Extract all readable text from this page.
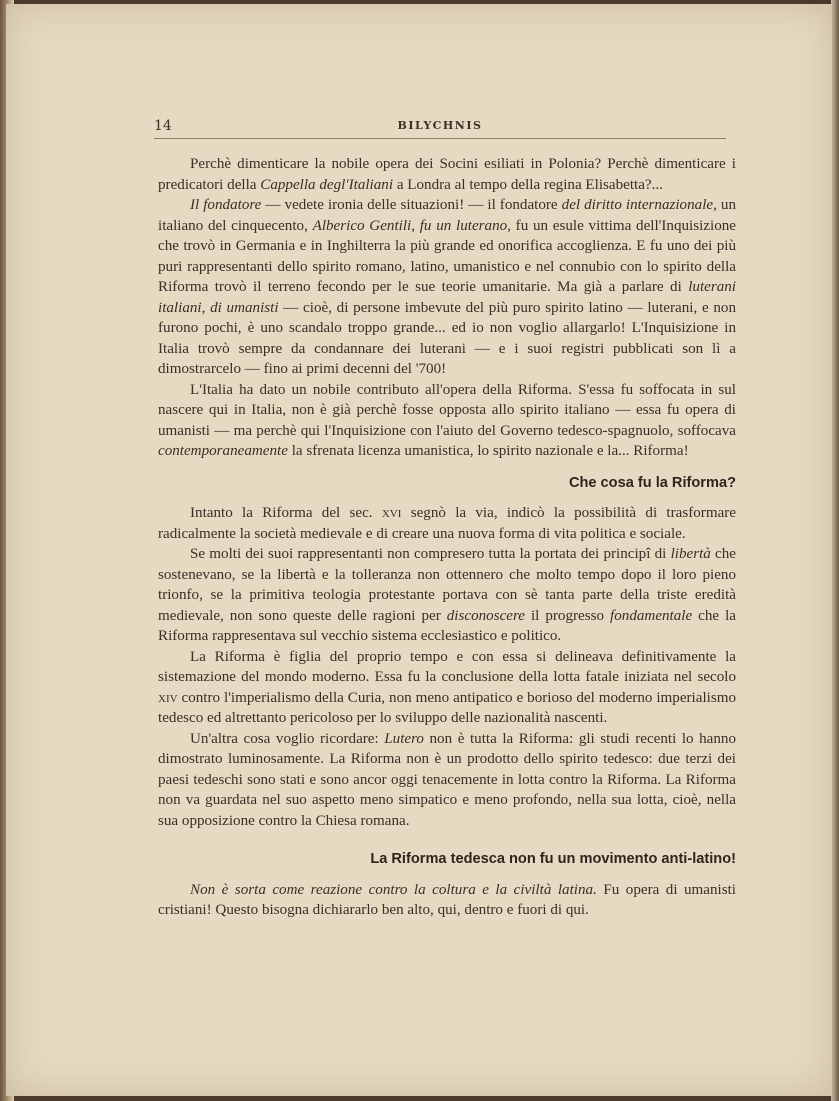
14	BILYCHNIS

Perchè dimenticare la nobile opera dei Socini esiliati in Polonia? Perchè dimenticare i predicatori della Cappella degl'Italiani a Londra al tempo della regina Elisabetta?...

Il fondatore — vedete ironia delle situazioni! — il fondatore del diritto internazionale, un italiano del cinquecento, Alberico Gentili, fu un luterano, fu un esule vittima dell'Inquisizione che trovò in Germania e in Inghilterra la più grande ed onorifica accoglienza. E fu uno dei più puri rappresentanti dello spirito romano, latino, umanistico e nel connubio con lo spirito della Riforma trovò il terreno fecondo per le sue teorie umanitarie. Ma già a parlare di luterani italiani, di umanisti — cioè, di persone imbevute del più puro spirito latino — luterani, e non furono pochi, è uno scandalo troppo grande... ed io non voglio allargarlo! L'Inquisizione in Italia trovò sempre da condannare dei luterani — e i suoi registri pubblicati son lì a dimostrarcelo — fino ai primi decenni del '700!

L'Italia ha dato un nobile contributo all'opera della Riforma. S'essa fu soffocata in sul nascere qui in Italia, non è già perchè fosse opposta allo spirito italiano — essa fu opera di umanisti — ma perchè qui l'Inquisizione con l'aiuto del Governo tedesco-spagnuolo, soffocava contemporaneamente la sfrenata licenza umanistica, lo spirito nazionale e la... Riforma!

Che cosa fu la Riforma?

Intanto la Riforma del sec. xvi segnò la via, indicò la possibilità di trasformare radicalmente la società medievale e di creare una nuova forma di vita politica e sociale.

Se molti dei suoi rappresentanti non compresero tutta la portata dei principî di libertà che sostenevano, se la libertà e la tolleranza non ottennero che molto tempo dopo il loro pieno trionfo, se la primitiva teologia protestante portava con sè tanta parte della triste eredità medievale, non sono queste delle ragioni per disconoscere il progresso fondamentale che la Riforma rappresentava sul vecchio sistema ecclesiastico e politico.

La Riforma è figlia del proprio tempo e con essa si delineava definitivamente la sistemazione del mondo moderno. Essa fu la conclusione della lotta fatale iniziata nel secolo xiv contro l'imperialismo della Curia, non meno antipatico e borioso del moderno imperialismo tedesco ed altrettanto pericoloso per lo sviluppo delle nazionalità nascenti.

Un'altra cosa voglio ricordare: Lutero non è tutta la Riforma: gli studi recenti lo hanno dimostrato luminosamente. La Riforma non è un prodotto dello spirito tedesco: due terzi dei paesi tedeschi sono stati e sono ancor oggi tenacemente in lotta contro la Riforma. La Riforma non va guardata nel suo aspetto meno simpatico e meno profondo, nella sua lotta, cioè, nella sua opposizione contro la Chiesa romana.

La Riforma tedesca non fu un movimento anti-latino!

Non è sorta come reazione contro la coltura e la civiltà latina. Fu opera di umanisti cristiani! Questo bisogna dichiararlo ben alto, qui, dentro e fuori di qui.
